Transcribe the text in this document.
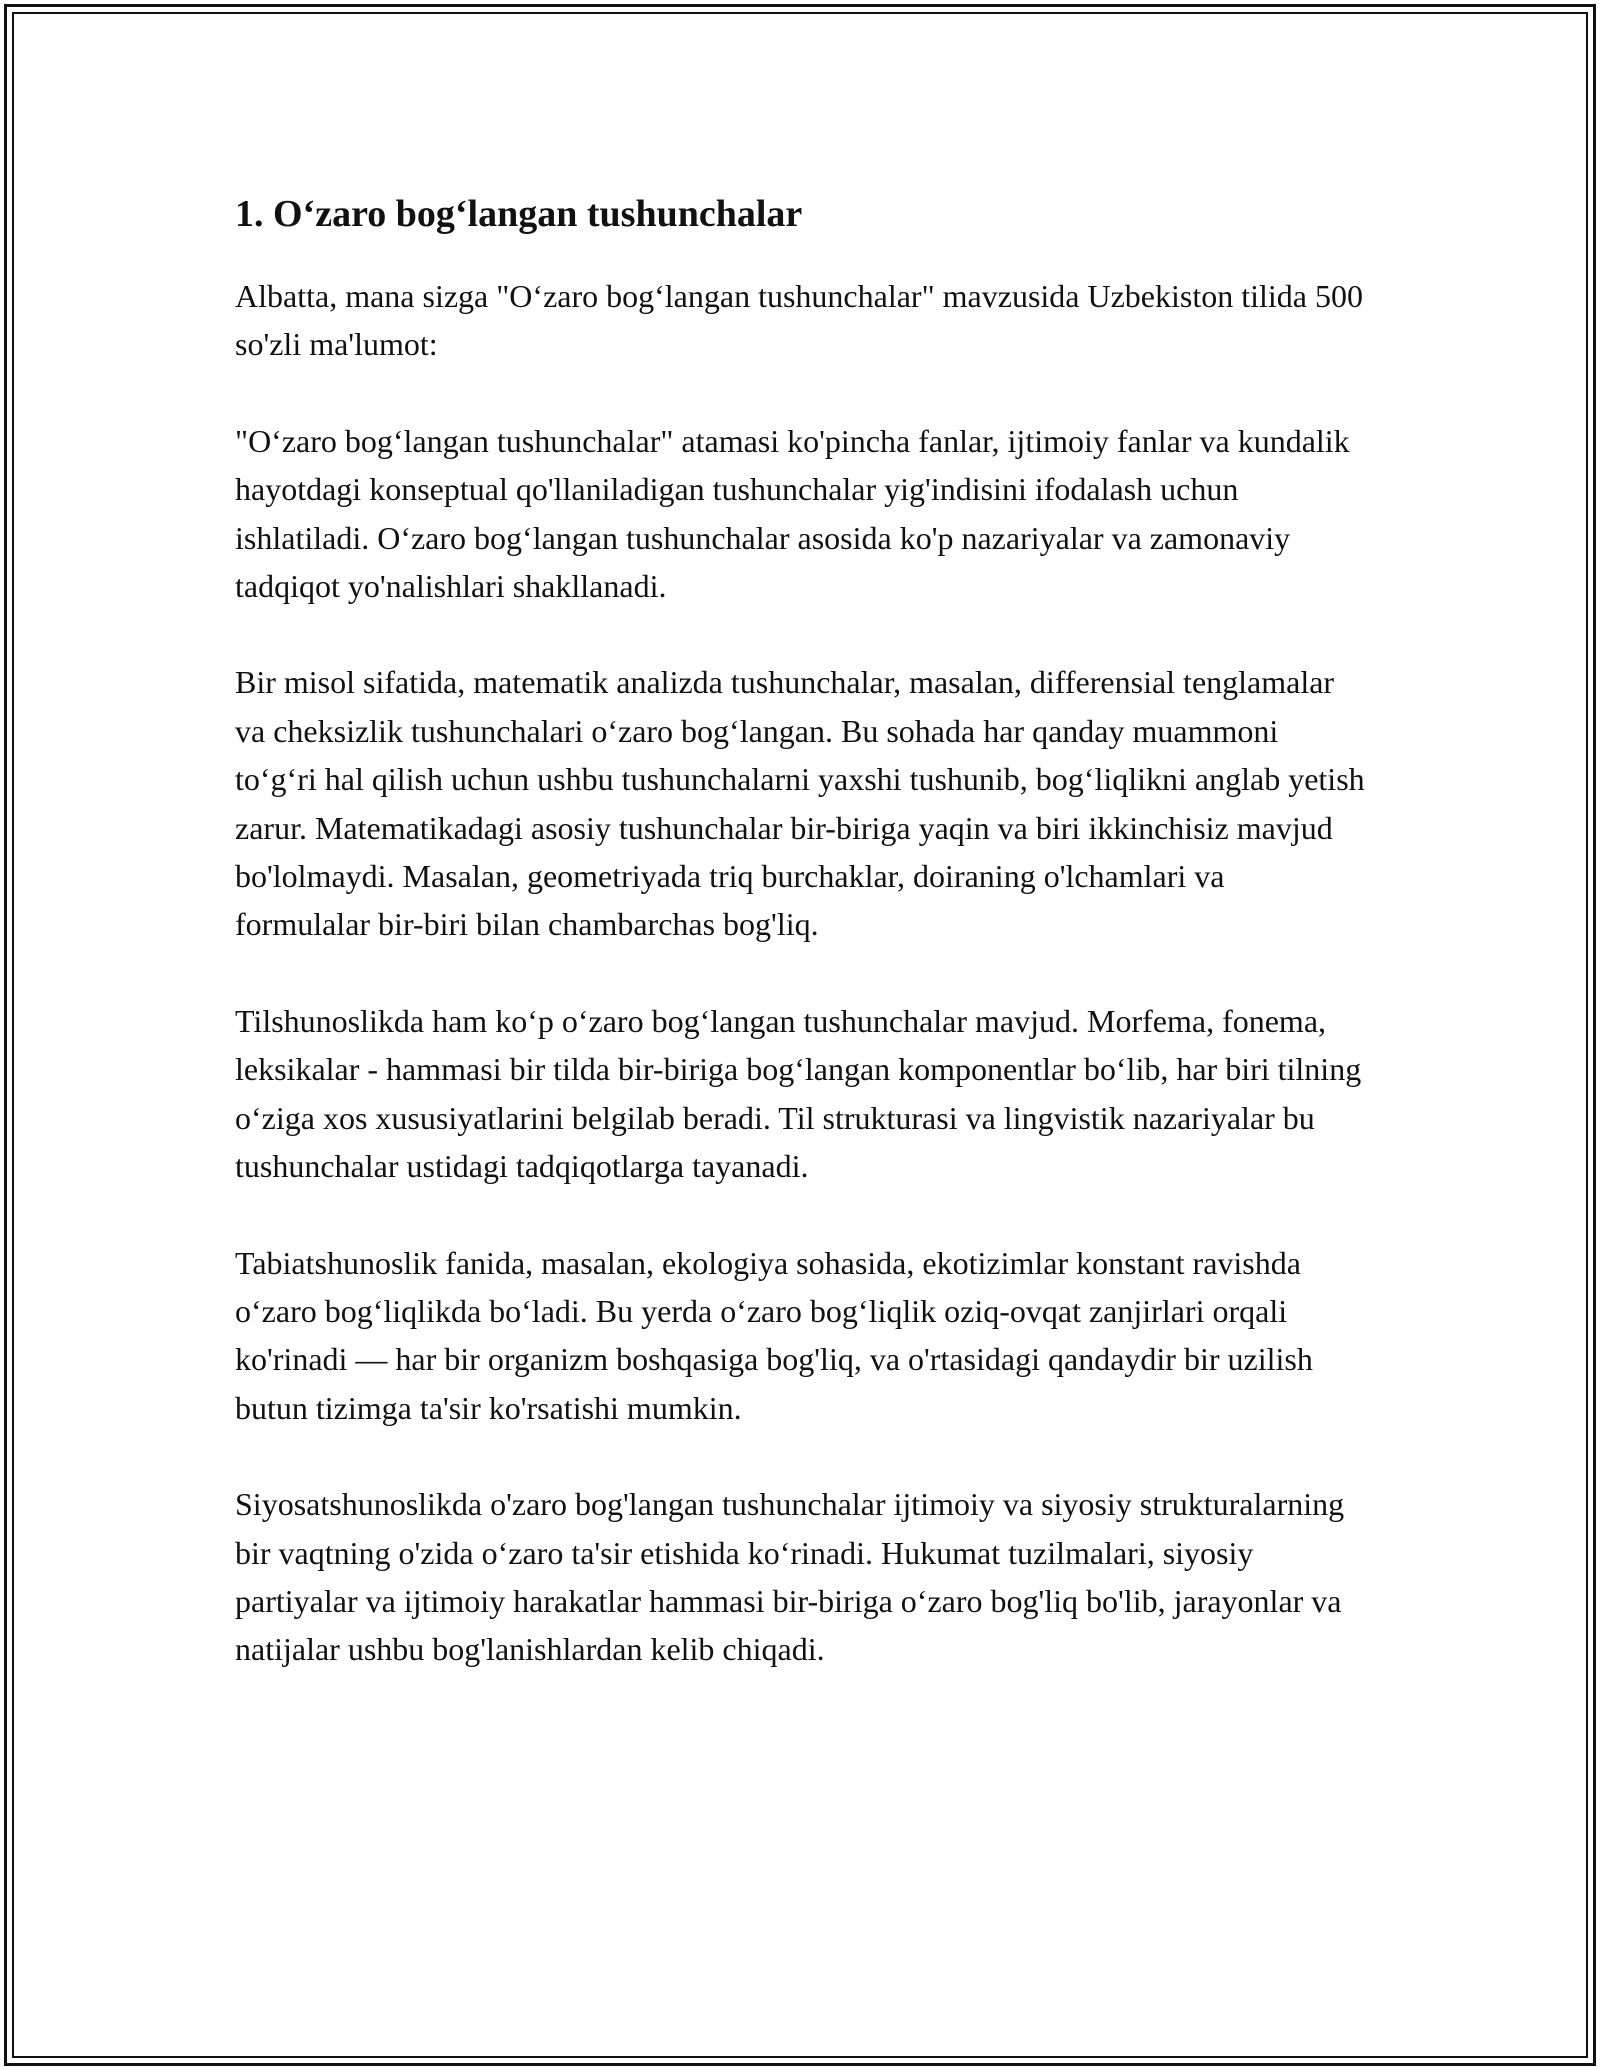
1. O‘zaro bog‘langan tushunchalar

Albatta, mana sizga "O‘zaro bog‘langan tushunchalar" mavzusida Uzbekiston tilida 500 so'zli ma'lumot:

"O‘zaro bog‘langan tushunchalar" atamasi ko'pincha fanlar, ijtimoiy fanlar va kundalik hayotdagi konseptual qo'llaniladigan tushunchalar yig'indisini ifodalash uchun ishlatiladi. O‘zaro bog‘langan tushunchalar asosida ko'p nazariyalar va zamonaviy tadqiqot yo'nalishlari shakllanadi.

Bir misol sifatida, matematik analizda tushunchalar, masalan, differensial tenglamalar va cheksizlik tushunchalari o‘zaro bog‘langan. Bu sohada har qanday muammoni to‘g‘ri hal qilish uchun ushbu tushunchalarni yaxshi tushunib, bog‘liqlikni anglab yetish zarur. Matematikadagi asosiy tushunchalar bir-biriga yaqin va biri ikkinchisiz mavjud bo'lolmaydi. Masalan, geometriyada triq burchaklar, doiraning o'lchamlari va formulalar bir-biri bilan chambarchas bog'liq.

Tilshunoslikda ham ko‘p o‘zaro bog‘langan tushunchalar mavjud. Morfema, fonema, leksikalar - hammasi bir tilda bir-biriga bog‘langan komponentlar bo‘lib, har biri tilning o‘ziga xos xususiyatlarini belgilab beradi. Til strukturasi va lingvistik nazariyalar bu tushunchalar ustidagi tadqiqotlarga tayanadi.

Tabiatshunoslik fanida, masalan, ekologiya sohasida, ekotizimlar konstant ravishda o‘zaro bog‘liqlikda bo‘ladi. Bu yerda o‘zaro bog‘liqlik oziq-ovqat zanjirlari orqali ko'rinadi — har bir organizm boshqasiga bog'liq, va o'rtasidagi qandaydir bir uzilish butun tizimga ta'sir ko'rsatishi mumkin.

Siyosatshunoslikda o'zaro bog'langan tushunchalar ijtimoiy va siyosiy strukturalarning bir vaqtning o'zida o‘zaro ta'sir etishida ko‘rinadi. Hukumat tuzilmalari, siyosiy partiyalar va ijtimoiy harakatlar hammasi bir-biriga o‘zaro bog'liq bo'lib, jarayonlar va natijalar ushbu bog'lanishlardan kelib chiqadi.
